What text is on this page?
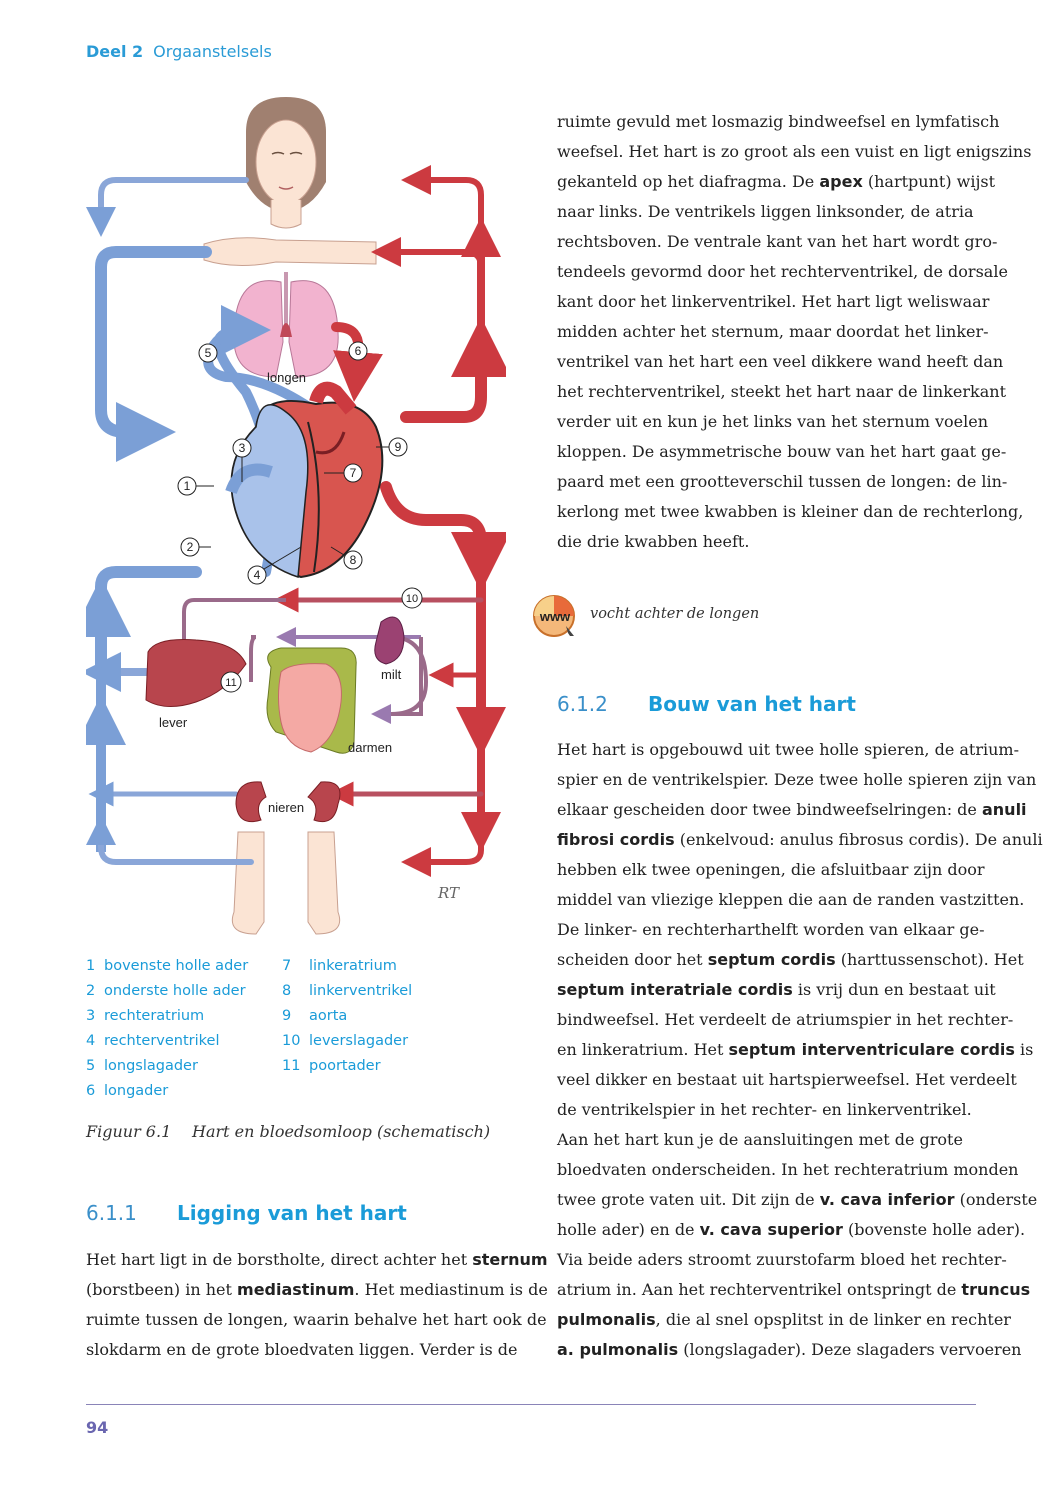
Deel 2 Orgaanstelsels
longen
lever
milt
darmen
nieren
1
2
3
4
5	6
7
8
9
10
11
RT
1 bovenste holle ader
2 onderste holle ader
3 rechteratrium
4 rechterventrikel
5 longslagader
6 longader
7 linkeratrium
8 linkerventrikel
9 aorta
10 leverslagader
11 poortader
Figuur 6.1 Hart en bloedsomloop (schematisch)
6.1.1 Ligging van het hart
Het hart ligt in de borstholte, direct achter het sternum
(borstbeen) in het mediastinum. Het mediastinum is de
ruimte tussen de longen, waarin behalve het hart ook de
slokdarm en de grote bloedvaten liggen. Verder is de
ruimte gevuld met losmazig bindweefsel en lymfatisch
weefsel. Het hart is zo groot als een vuist en ligt enigszins
gekanteld op het diafragma. De apex (hartpunt) wijst
naar links. De ventrikels liggen linksonder, de atria
rechtsboven. De ventrale kant van het hart wordt gro-
tendeels gevormd door het rechterventrikel, de dorsale
kant door het linkerventrikel. Het hart ligt weliswaar
midden achter het sternum, maar doordat het linker-
ventrikel van het hart een veel dikkere wand heeft dan
het rechterventrikel, steekt het hart naar de linkerkant
verder uit en kun je het links van het sternum voelen
kloppen. De asymmetrische bouw van het hart gaat ge-
paard met een grootteverschil tussen de longen: de lin-
kerlong met twee kwabben is kleiner dan de rechterlong,
die drie kwabben heeft.
www vocht achter de longen
6.1.2 Bouw van het hart
Het hart is opgebouwd uit twee holle spieren, de atrium-
spier en de ventrikelspier. Deze twee holle spieren zijn van
elkaar gescheiden door twee bindweefselringen: de anuli
fibrosi cordis (enkelvoud: anulus fibrosus cordis). De anuli
hebben elk twee openingen, die afsluitbaar zijn door
middel van vliezige kleppen die aan de randen vastzitten.
De linker- en rechterharthelft worden van elkaar ge-
scheiden door het septum cordis (harttussenschot). Het
septum interatriale cordis is vrij dun en bestaat uit
bindweefsel. Het verdeelt de atriumspier in het rechter-
en linkeratrium. Het septum interventriculare cordis is
veel dikker en bestaat uit hartspierweefsel. Het verdeelt
de ventrikelspier in het rechter- en linkerventrikel.
Aan het hart kun je de aansluitingen met de grote
bloedvaten onderscheiden. In het rechteratrium monden
twee grote vaten uit. Dit zijn de v. cava inferior (onderste
holle ader) en de v. cava superior (bovenste holle ader).
Via beide aders stroomt zuurstofarm bloed het rechter-
atrium in. Aan het rechterventrikel ontspringt de truncus
pulmonalis, die al snel opsplitst in de linker en rechter
a. pulmonalis (longslagader). Deze slagaders vervoeren
94
